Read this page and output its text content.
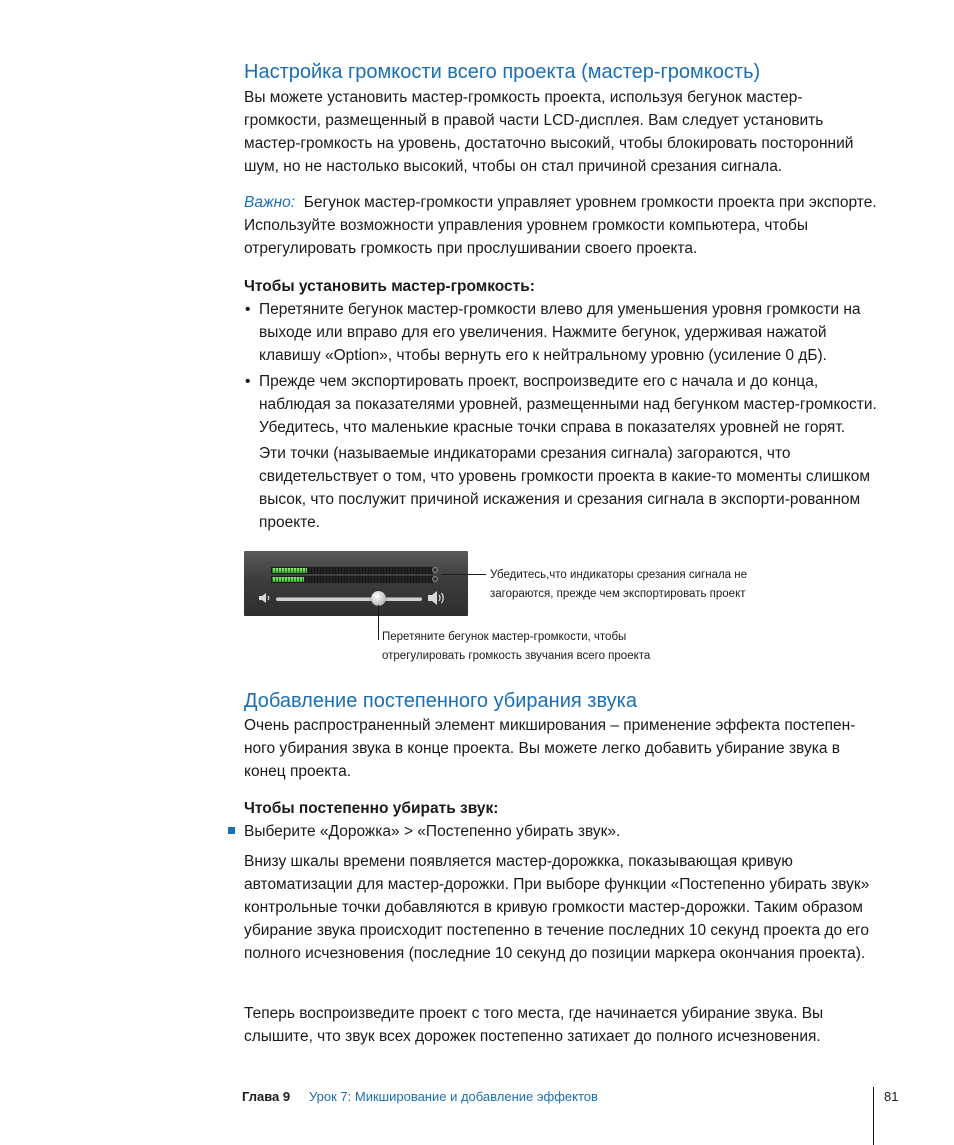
Настройка громкости всего проекта (мастер-громкость)

Вы можете установить мастер-громкость проекта, используя бегунок мастер-громкости, размещенный в правой части LCD-дисплея. Вам следует установить мастер-громкость на уровень, достаточно высокий, чтобы блокировать посторонний шум, но не настолько высокий, чтобы он стал причиной срезания сигнала.

Важно: Бегунок мастер-громкости управляет уровнем громкости проекта при экспорте. Используйте возможности управления уровнем громкости компьютера, чтобы отрегулировать громкость при прослушивании своего проекта.

Чтобы установить мастер-громкость:
• Перетяните бегунок мастер-громкости влево для уменьшения уровня громкости на выходе или вправо для его увеличения. Нажмите бегунок, удерживая нажатой клавишу «Option», чтобы вернуть его к нейтральному уровню (усиление 0 дБ).

• Прежде чем экспортировать проект, воспроизведите его с начала и до конца, наблюдая за показателями уровней, размещенными над бегунком мастер-громкости. Убедитесь, что маленькие красные точки справа в показателях уровней не горят.

Эти точки (называемые индикаторами срезания сигнала) загораются, что свидетельствует о том, что уровень громкости проекта в какие-то моменты слишком высок, что послужит причиной искажения и срезания сигнала в экспорти-рованном проекте.

Убедитесь,что индикаторы срезания сигнала не

загораются, прежде чем экспортировать проект

Перетяните бегунок мастер-громкости, чтобы

отрегулировать громкость звучания всего проекта

Добавление постепенного убирания звука

Очень распространенный элемент микширования – применение эффекта постепен-ного убирания звука в конце проекта. Вы можете легко добавить убирание звука в конец проекта.

Чтобы постепенно убирать звук:

Выберите «Дорожка» > «Постепенно убирать звук».

Внизу шкалы времени появляется мастер-дорожкка, показывающая кривую автоматизации для мастер-дорожки. При выборе функции «Постепенно убирать звук» контрольные точки добавляются в кривую громкости мастер-дорожки. Таким образом убирание звука происходит постепенно в течение последних 10 секунд проекта до его полного исчезновения (последние 10 секунд до позиции маркера окончания проекта).

Теперь воспроизведите проект с того места, где начинается убирание звука. Вы слышите, что звук всех дорожек постепенно затихает до полного исчезновения.

Глава 9 Урок 7: Микширование и добавление эффектов	81
